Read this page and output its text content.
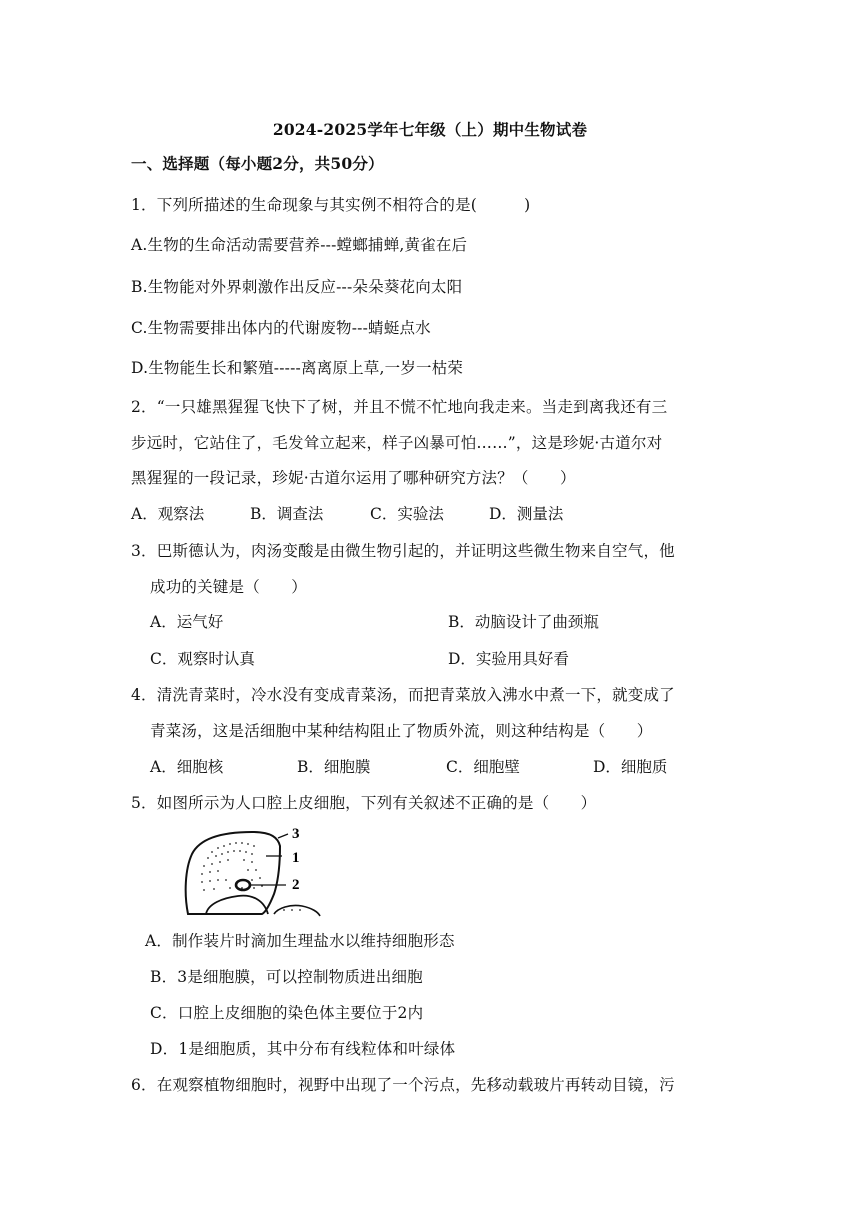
2024-2025学年七年级（上）期中生物试卷
一、选择题（每小题2分，共50分）
1．下列所描述的生命现象与其实例不相符合的是(　　　)
A.生物的生命活动需要营养---螳螂捕蝉,黄雀在后
B.生物能对外界刺激作出反应---朵朵葵花向太阳
C.生物需要排出体内的代谢废物---蜻蜓点水
D.生物能生长和繁殖-----离离原上草,一岁一枯荣
2．“一只雄黑猩猩飞快下了树，并且不慌不忙地向我走来。当走到离我还有三
步远时，它站住了，毛发耸立起来，样子凶暴可怕……”，这是珍妮·古道尔对
黑猩猩的一段记录，珍妮·古道尔运用了哪种研究方法？（　　）
A．观察法	B．调查法	C．实验法	D．测量法
3．巴斯德认为，肉汤变酸是由微生物引起的，并证明这些微生物来自空气，他
成功的关键是（　　）
A．运气好	B．动脑设计了曲颈瓶
C．观察时认真	D．实验用具好看
4．清洗青菜时，冷水没有变成青菜汤，而把青菜放入沸水中煮一下，就变成了
青菜汤，这是活细胞中某种结构阻止了物质外流，则这种结构是（　　）
A．细胞核	B．细胞膜	C．细胞壁	D．细胞质
5．如图所示为人口腔上皮细胞，下列有关叙述不正确的是（　　）
3
1
2
A．制作装片时滴加生理盐水以维持细胞形态
B．3是细胞膜，可以控制物质进出细胞
C．口腔上皮细胞的染色体主要位于2内
D．1是细胞质，其中分布有线粒体和叶绿体
6．在观察植物细胞时，视野中出现了一个污点，先移动载玻片再转动目镜，污
